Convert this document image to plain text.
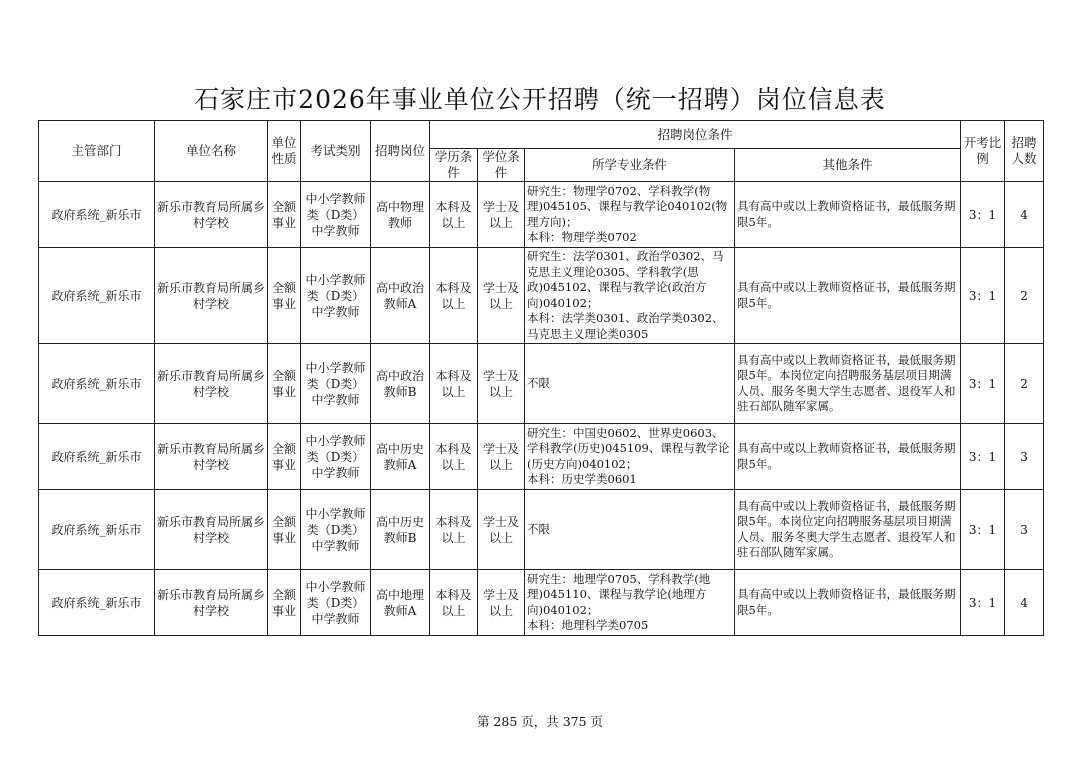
石家庄市2026年事业单位公开招聘（统一招聘）岗位信息表
主管部门	单位名称	单位性质	考试类别	招聘岗位	招聘岗位条件				开考比例	招聘人数
					学历条件	学位条件	所学专业条件	其他条件		
政府系统_新乐市	新乐市教育局所属乡村学校	全额事业	中小学教师类（D类）中学教师	高中物理教师	本科及以上	学士及以上	研究生：物理学0702、学科教学(物理)045105、课程与教学论040102(物理方向)；
本科：物理学类0702	具有高中或以上教师资格证书，最低服务期限5年。	3：1	4
政府系统_新乐市	新乐市教育局所属乡村学校	全额事业	中小学教师类（D类）中学教师	高中政治教师A	本科及以上	学士及以上	研究生：法学0301、政治学0302、马克思主义理论0305、学科教学(思政)045102、课程与教学论(政治方向)040102；
本科：法学类0301、政治学类0302、马克思主义理论类0305	具有高中或以上教师资格证书，最低服务期限5年。	3：1	2
政府系统_新乐市	新乐市教育局所属乡村学校	全额事业	中小学教师类（D类）中学教师	高中政治教师B	本科及以上	学士及以上	不限	具有高中或以上教师资格证书，最低服务期限5年。本岗位定向招聘服务基层项目期满人员、服务冬奥大学生志愿者、退役军人和驻石部队随军家属。	3：1	2
政府系统_新乐市	新乐市教育局所属乡村学校	全额事业	中小学教师类（D类）中学教师	高中历史教师A	本科及以上	学士及以上	研究生：中国史0602、世界史0603、学科教学(历史)045109、课程与教学论(历史方向)040102；
本科：历史学类0601	具有高中或以上教师资格证书，最低服务期限5年。	3：1	3
政府系统_新乐市	新乐市教育局所属乡村学校	全额事业	中小学教师类（D类）中学教师	高中历史教师B	本科及以上	学士及以上	不限	具有高中或以上教师资格证书，最低服务期限5年。本岗位定向招聘服务基层项目期满人员、服务冬奥大学生志愿者、退役军人和驻石部队随军家属。	3：1	3
政府系统_新乐市	新乐市教育局所属乡村学校	全额事业	中小学教师类（D类）中学教师	高中地理教师A	本科及以上	学士及以上	研究生：地理学0705、学科教学(地理)045110、课程与教学论(地理方向)040102；
本科：地理科学类0705	具有高中或以上教师资格证书，最低服务期限5年。	3：1	4
第 285 页，共 375 页
